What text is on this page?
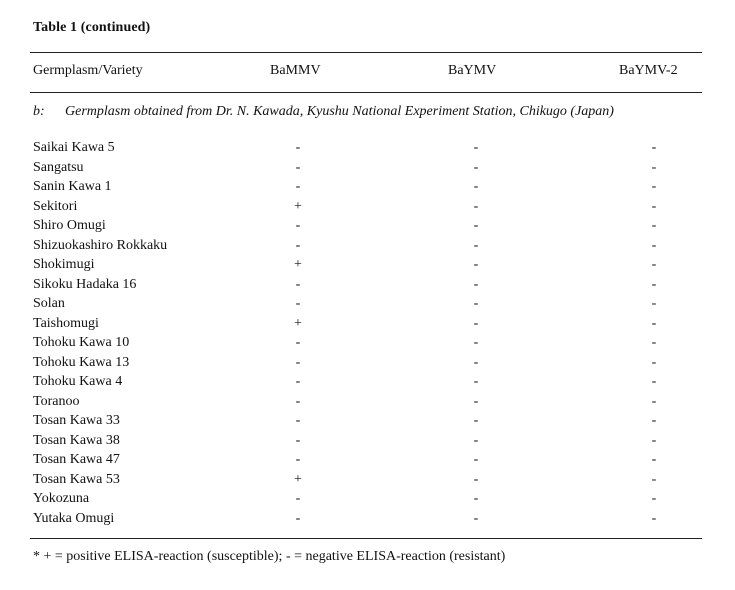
Table 1 (continued)
Germplasm/Variety	BaMMV	BaYMV	BaYMV-2
b: Germplasm obtained from Dr. N. Kawada, Kyushu National Experiment Station, Chikugo (Japan)
Saikai Kawa 5	-	-	-
Sangatsu	-	-	-
Sanin Kawa 1	-	-	-
Sekitori	+	-	-
Shiro Omugi	-	-	-
Shizuokashiro Rokkaku	-	-	-
Shokimugi	+	-	-
Sikoku Hadaka 16	-	-	-
Solan	-	-	-
Taishomugi	+	-	-
Tohoku Kawa 10	-	-	-
Tohoku Kawa 13	-	-	-
Tohoku Kawa 4	-	-	-
Toranoo	-	-	-
Tosan Kawa 33	-	-	-
Tosan Kawa 38	-	-	-
Tosan Kawa 47	-	-	-
Tosan Kawa 53	+	-	-
Yokozuna	-	-	-
Yutaka Omugi	-	-	-
* + = positive ELISA-reaction (susceptible); - = negative ELISA-reaction (resistant)
